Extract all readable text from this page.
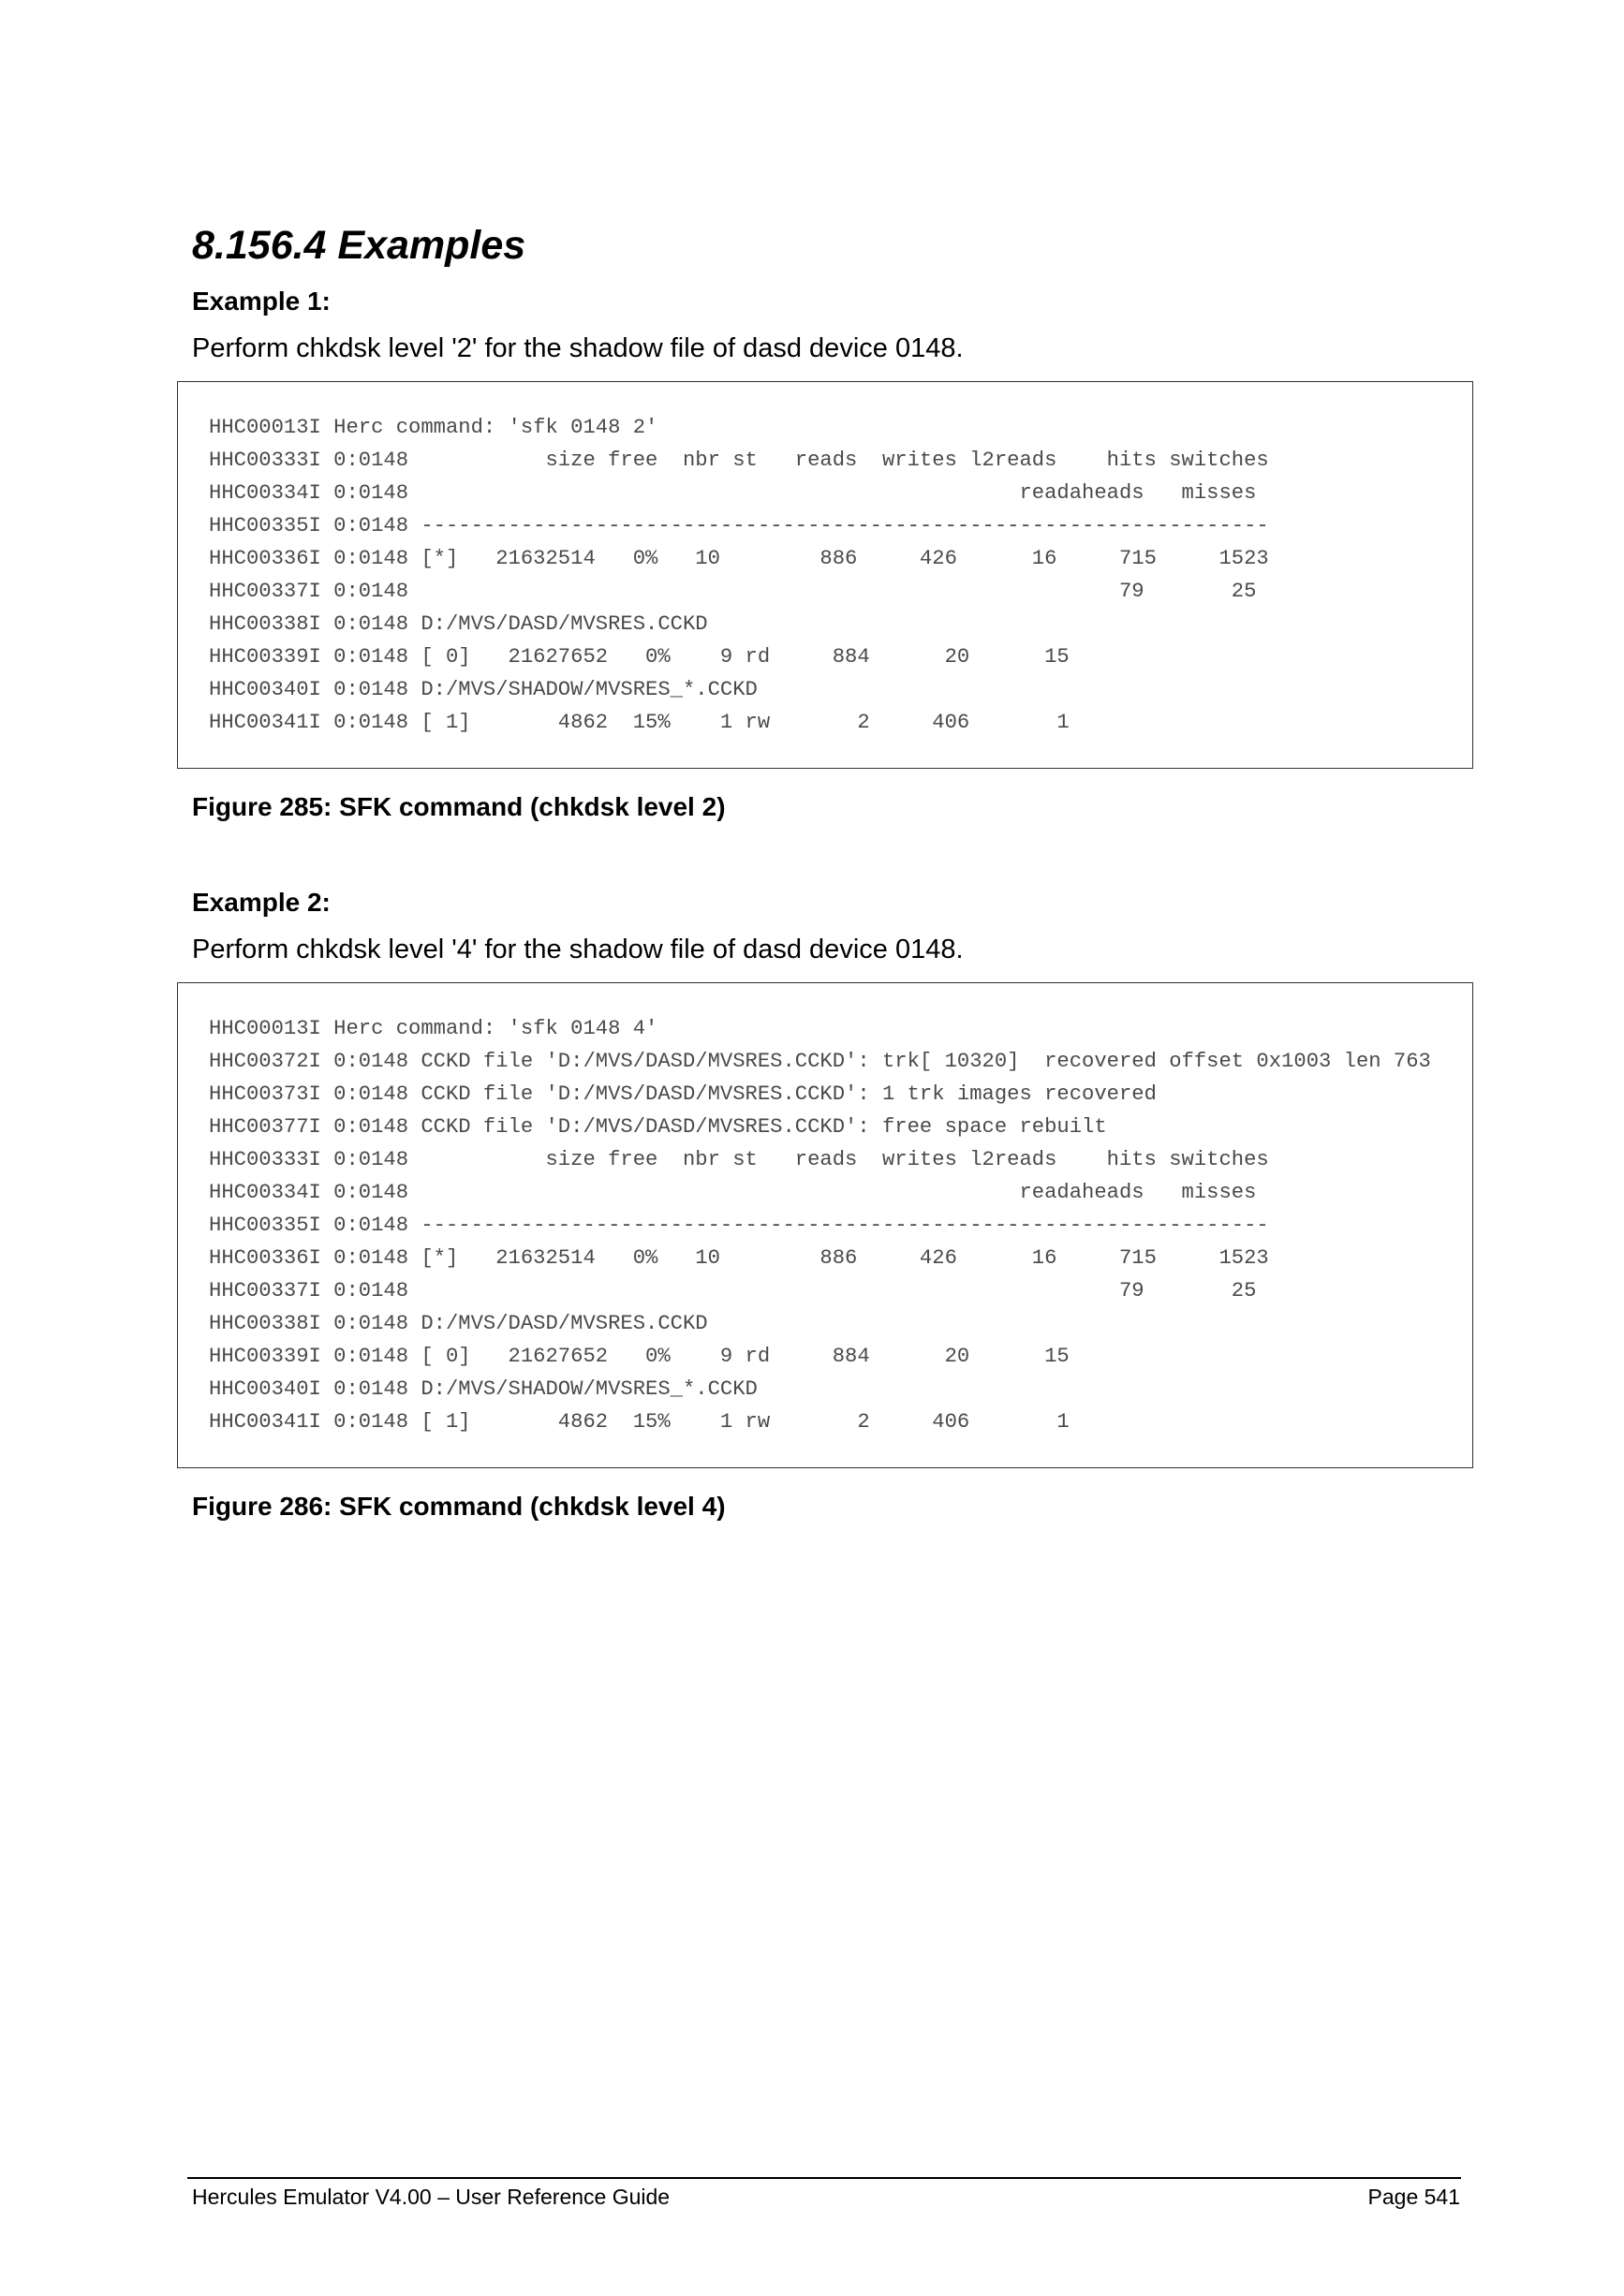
8.156.4 Examples
Example 1:
Perform chkdsk level '2' for the shadow file of dasd device 0148.
HHC00013I Herc command: 'sfk 0148 2'
HHC00333I 0:0148           size free  nbr st   reads  writes l2reads    hits switches
HHC00334I 0:0148                                                 readaheads   misses
HHC00335I 0:0148 --------------------------------------------------------------------
HHC00336I 0:0148 [*]   21632514   0%   10        886     426      16     715     1523
HHC00337I 0:0148                                                         79       25
HHC00338I 0:0148 D:/MVS/DASD/MVSRES.CCKD
HHC00339I 0:0148 [ 0]   21627652   0%    9 rd     884      20      15
HHC00340I 0:0148 D:/MVS/SHADOW/MVSRES_*.CCKD
HHC00341I 0:0148 [ 1]       4862  15%    1 rw       2     406       1
Figure 285: SFK command (chkdsk level 2)
Example 2:
Perform chkdsk level '4' for the shadow file of dasd device 0148.
HHC00013I Herc command: 'sfk 0148 4'
HHC00372I 0:0148 CCKD file 'D:/MVS/DASD/MVSRES.CCKD': trk[ 10320]  recovered offset 0x1003 len 763
HHC00373I 0:0148 CCKD file 'D:/MVS/DASD/MVSRES.CCKD': 1 trk images recovered
HHC00377I 0:0148 CCKD file 'D:/MVS/DASD/MVSRES.CCKD': free space rebuilt
HHC00333I 0:0148           size free  nbr st   reads  writes l2reads    hits switches
HHC00334I 0:0148                                                 readaheads   misses
HHC00335I 0:0148 --------------------------------------------------------------------
HHC00336I 0:0148 [*]   21632514   0%   10        886     426      16     715     1523
HHC00337I 0:0148                                                         79       25
HHC00338I 0:0148 D:/MVS/DASD/MVSRES.CCKD
HHC00339I 0:0148 [ 0]   21627652   0%    9 rd     884      20      15
HHC00340I 0:0148 D:/MVS/SHADOW/MVSRES_*.CCKD
HHC00341I 0:0148 [ 1]       4862  15%    1 rw       2     406       1
Figure 286: SFK command (chkdsk level 4)
Hercules Emulator V4.00 – User Reference Guide	Page 541
